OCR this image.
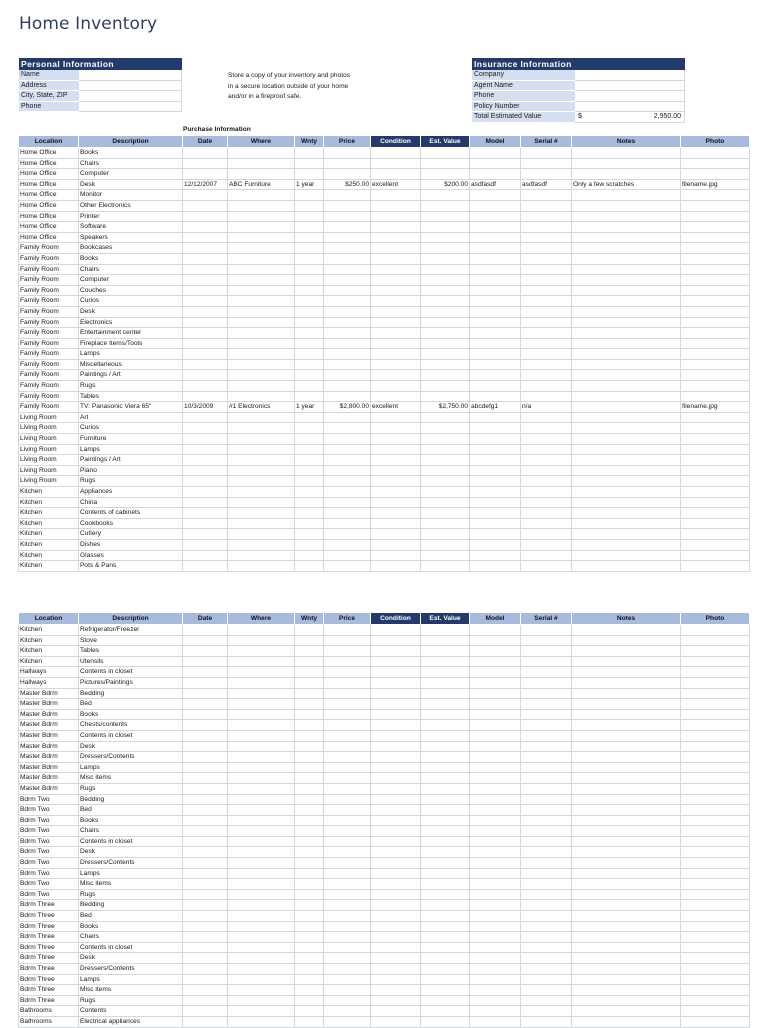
Home Inventory
Personal Information
Name
Address
City, State, ZIP
Phone
Store a copy of your inventory and photos
in a secure location outside of your home
and/or in a fireproof safe.
Insurance Information
Company
Agent Name
Phone
Policy Number
Total Estimated Value	$	2,950.00
Purchase Information
Location	Description	Date	Where	Wnty	Price	Condition	Est. Value	Model	Serial #	Notes	Photo
Home Office	Books										
Home Office	Chairs										
Home Office	Computer										
Home Office	Desk	12/12/2007	ABC Furniture	1 year	$250.00	excellent	$200.00	asdfasdf	asdfasdf	Only a few scratches	filename.jpg
Home Office	Monitor										
Home Office	Other Electronics										
Home Office	Printer										
Home Office	Software										
Home Office	Speakers										
Family Room	Bookcases										
Family Room	Books										
Family Room	Chairs										
Family Room	Computer										
Family Room	Couches										
Family Room	Curios										
Family Room	Desk										
Family Room	Electronics										
Family Room	Entertainment center										
Family Room	Fireplace Items/Tools										
Family Room	Lamps										
Family Room	Miscellaneous										
Family Room	Paintings / Art										
Family Room	Rugs										
Family Room	Tables										
Family Room	TV: Panasonic Viera 65"	10/3/2009	#1 Electronics	1 year	$2,800.00	excellent	$2,750.00	abcdefg1	n/a		filename.jpg
Living Room	Art										
Living Room	Curios										
Living Room	Furniture										
Living Room	Lamps										
Living Room	Paintings / Art										
Living Room	Piano										
Living Room	Rugs										
Kitchen	Appliances										
Kitchen	China										
Kitchen	Contents of cabinets										
Kitchen	Cookbooks										
Kitchen	Cutlery										
Kitchen	Dishes										
Kitchen	Glasses										
Kitchen	Pots & Pans										
Location	Description	Date	Where	Wnty	Price	Condition	Est. Value	Model	Serial #	Notes	Photo
Kitchen	Refrigerator/Freezer										
Kitchen	Stove										
Kitchen	Tables										
Kitchen	Utensils										
Hallways	Contents in closet										
Hallways	Pictures/Paintings										
Master Bdrm	Bedding										
Master Bdrm	Bed										
Master Bdrm	Books										
Master Bdrm	Chests/contents										
Master Bdrm	Contents in closet										
Master Bdrm	Desk										
Master Bdrm	Dressers/Contents										
Master Bdrm	Lamps										
Master Bdrm	Misc items										
Master Bdrm	Rugs										
Bdrm Two	Bedding										
Bdrm Two	Bed										
Bdrm Two	Books										
Bdrm Two	Chairs										
Bdrm Two	Contents in closet										
Bdrm Two	Desk										
Bdrm Two	Dressers/Contents										
Bdrm Two	Lamps										
Bdrm Two	Misc items										
Bdrm Two	Rugs										
Bdrm Three	Bedding										
Bdrm Three	Bed										
Bdrm Three	Books										
Bdrm Three	Chairs										
Bdrm Three	Contents in closet										
Bdrm Three	Desk										
Bdrm Three	Dressers/Contents										
Bdrm Three	Lamps										
Bdrm Three	Misc items										
Bdrm Three	Rugs										
Bathrooms	Contents										
Bathrooms	Electrical appliances										
